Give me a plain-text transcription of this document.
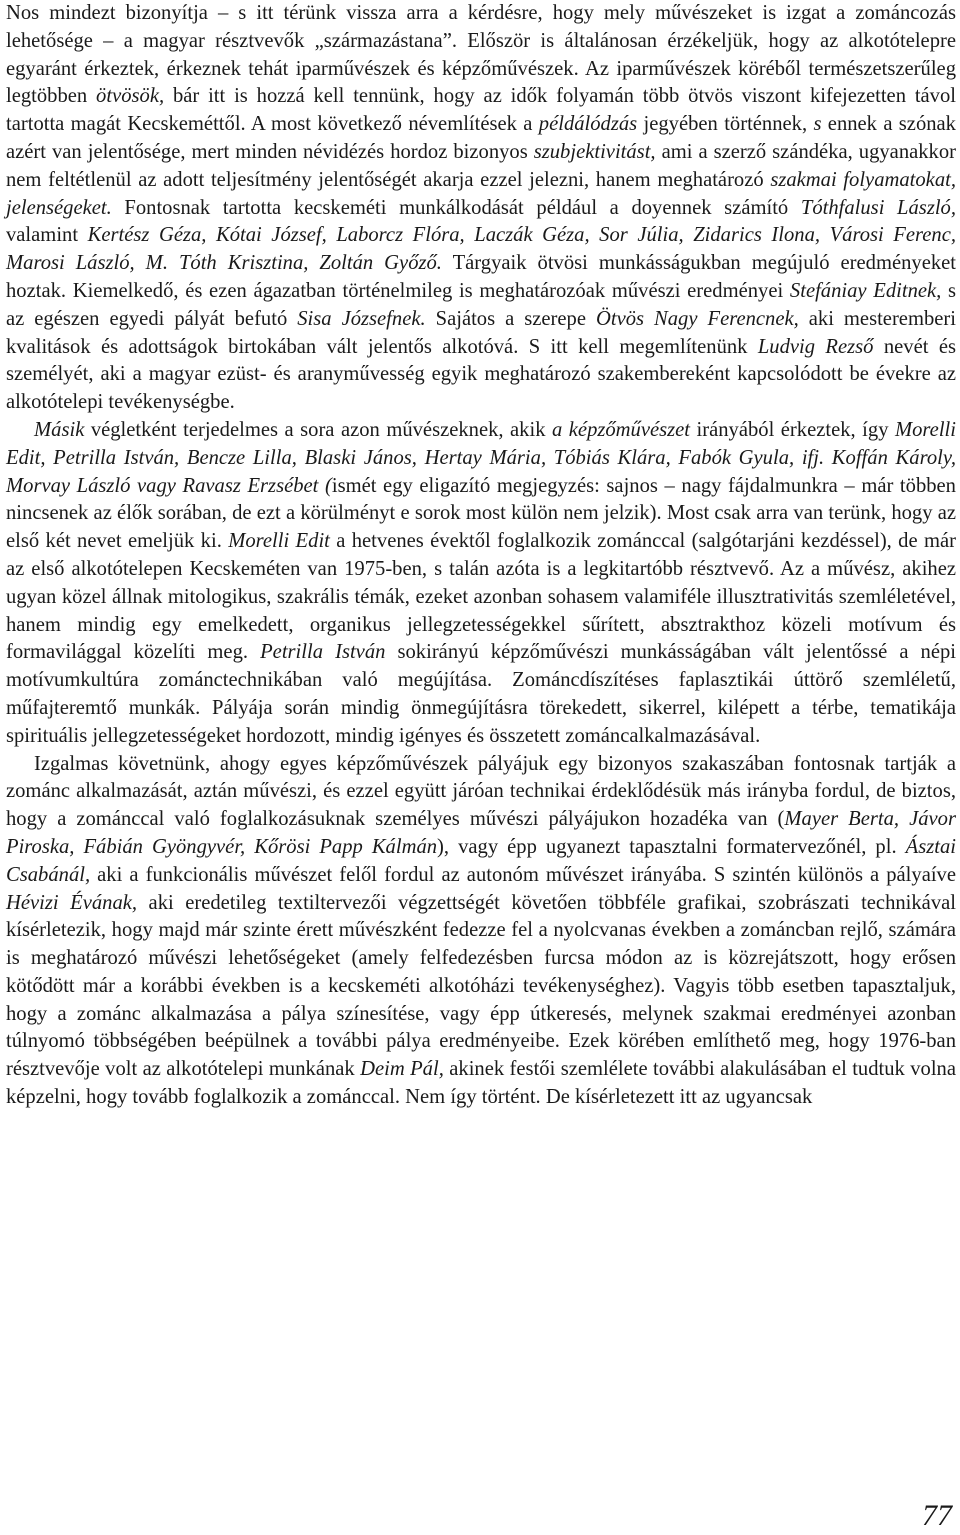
Nos mindezt bizonyítja – s itt térünk vissza arra a kérdésre, hogy mely művészeket is izgat a zománcozás lehetősége – a magyar résztvevők „származástana”. Először is általánosan érzékeljük, hogy az alkotótelepre egyaránt érkeztek, érkeznek tehát iparművészek és képzőművészek. Az iparművészek köréből természetszerűleg legtöbben ötvösök, bár itt is hozzá kell tennünk, hogy az idők folyamán több ötvös viszont kifejezetten távol tartotta magát Kecskeméttől. A most következő névemlítések a példálódzás jegyében történnek, s ennek a szónak azért van jelentősége, mert minden névidézés hordoz bizonyos szubjektivitást, ami a szerző szándéka, ugyanakkor nem feltétlenül az adott teljesítmény jelentőségét akarja ezzel jelezni, hanem meghatározó szakmai folyamatokat, jelenségeket. Fontosnak tartotta kecskeméti munkálkodását például a doyennek számító Tóthfalusi László, valamint Kertész Géza, Kótai József, Laborcz Flóra, Laczák Géza, Sor Júlia, Zidarics Ilona, Városi Ferenc, Marosi László, M. Tóth Krisztina, Zoltán Győző. Tárgyaik ötvösi munkásságukban megújuló eredményeket hoztak. Kiemelkedő, és ezen ágazatban történelmileg is meghatározóak művészi eredményei Stefániay Editnek, s az egészen egyedi pályát befutó Sisa Józsefnek. Sajátos a szerepe Ötvös Nagy Ferencnek, aki mesteremberi kvalitások és adottságok birtokában vált jelentős alkotóvá. S itt kell megemlítenünk Ludvig Rezső nevét és személyét, aki a magyar ezüst- és aranyművesség egyik meghatározó szakembereként kapcsolódott be évekre az alkotótelepi tevékenységbe.

Másik végletként terjedelmes a sora azon művészeknek, akik a képzőművészet irányából érkeztek, így Morelli Edit, Petrilla István, Bencze Lilla, Blaski János, Hertay Mária, Tóbiás Klára, Fabók Gyula, ifj. Koffán Károly, Morvay László vagy Ravasz Erzsébet (ismét egy eligazító megjegyzés: sajnos – nagy fájdalmunkra – már többen nincsenek az élők sorában, de ezt a körülményt e sorok most külön nem jelzik). Most csak arra van terünk, hogy az első két nevet emeljük ki. Morelli Edit a hetvenes évektől foglalkozik zománccal (salgótarjáni kezdéssel), de már az első alkotótelepen Kecskeméten van 1975-ben, s talán azóta is a legkitartóbb résztvevő. Az a művész, akihez ugyan közel állnak mitologikus, szakrális témák, ezeket azonban sohasem valamiféle illusztrativitás szemléletével, hanem mindig egy emelkedett, organikus jellegzetességekkel sűrített, absztrakthoz közeli motívum és formavilággal közelíti meg. Petrilla István sokirányú képzőművészi munkásságában vált jelentőssé a népi motívumkultúra zománctechnikában való megújítása. Zománcdíszítéses faplasztikái úttörő szemléletű, műfajteremtő munkák. Pályája során mindig önmegújításra törekedett, sikerrel, kilépett a térbe, tematikája spirituális jellegzetességeket hordozott, mindig igényes és összetett zománcalkalmazásával.

Izgalmas követnünk, ahogy egyes képzőművészek pályájuk egy bizonyos szakaszában fontosnak tartják a zománc alkalmazását, aztán művészi, és ezzel együtt járóan technikai érdeklődésük más irányba fordul, de biztos, hogy a zománccal való foglalkozásuknak személyes művészi pályájukon hozadéka van (Mayer Berta, Jávor Piroska, Fábián Gyöngyvér, Kőrösi Papp Kálmán), vagy épp ugyanezt tapasztalni formatervezőnél, pl. Ásztai Csabánál, aki a funkcionális művészet felől fordul az autonóm művészet irányába. S szintén különös a pályaíve Hévizi Évának, aki eredetileg textiltervezői végzettségét követően többféle grafikai, szobrászati technikával kísérletezik, hogy majd már szinte érett művészként fedezze fel a nyolcvanas években a zománcban rejlő, számára is meghatározó művészi lehetőségeket (amely felfedezésben furcsa módon az is közrejátszott, hogy erősen kötődött már a korábbi években is a kecskeméti alkotóházi tevékenységhez). Vagyis több esetben tapasztaljuk, hogy a zománc alkalmazása a pálya színesítése, vagy épp útkeresés, melynek szakmai eredményei azonban túlnyomó többségében beépülnek a további pálya eredményeibe. Ezek körében említhető meg, hogy 1976-ban résztvevője volt az alkotótelepi munkának Deim Pál, akinek festői szemlélete további alakulásában el tudtuk volna képzelni, hogy tovább foglalkozik a zománccal. Nem így történt. De kísérletezett itt az ugyancsak

77
